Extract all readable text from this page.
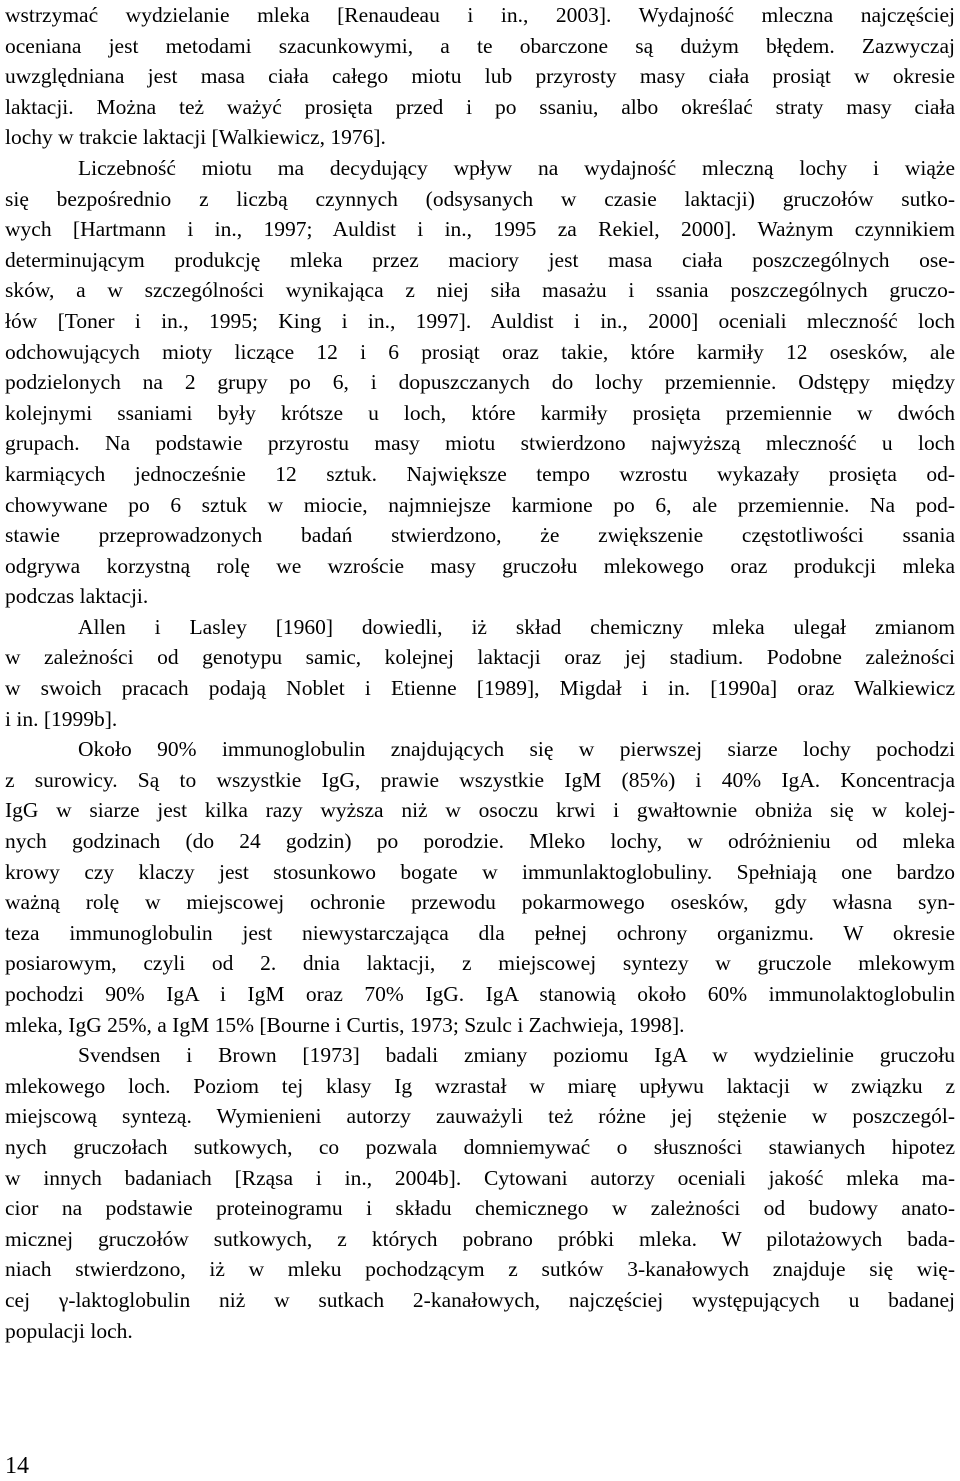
wstrzymać wydzielanie mleka [Renaudeau i in., 2003]. Wydajność mleczna najczęściej
oceniana jest metodami szacunkowymi, a te obarczone są dużym błędem. Zazwyczaj
uwzględniana jest masa ciała całego miotu lub przyrosty masy ciała prosiąt w okresie
laktacji. Można też ważyć prosięta przed i po ssaniu, albo określać straty masy ciała
lochy w trakcie laktacji [Walkiewicz, 1976].
Liczebność miotu ma decydujący wpływ na wydajność mleczną lochy i wiąże
się bezpośrednio z liczbą czynnych (odsysanych w czasie laktacji) gruczołów sutko-
wych [Hartmann i in., 1997; Auldist i in., 1995 za Rekiel, 2000]. Ważnym czynnikiem
determinującym produkcję mleka przez maciory jest masa ciała poszczególnych ose-
sków, a w szczególności wynikająca z niej siła masażu i ssania poszczególnych gruczo-
łów [Toner i in., 1995; King i in., 1997]. Auldist i in., 2000] oceniali mleczność loch
odchowujących mioty liczące 12 i 6 prosiąt oraz takie, które karmiły 12 osesków, ale
podzielonych na 2 grupy po 6, i dopuszczanych do lochy przemiennie. Odstępy między
kolejnymi ssaniami były krótsze u loch, które karmiły prosięta przemiennie w dwóch
grupach. Na podstawie przyrostu masy miotu stwierdzono najwyższą mleczność u loch
karmiących jednocześnie 12 sztuk. Największe tempo wzrostu wykazały prosięta od-
chowywane po 6 sztuk w miocie, najmniejsze karmione po 6, ale przemiennie. Na pod-
stawie przeprowadzonych badań stwierdzono, że zwiększenie częstotliwości ssania
odgrywa korzystną rolę we wzroście masy gruczołu mlekowego oraz produkcji mleka
podczas laktacji.
Allen i Lasley [1960] dowiedli, iż skład chemiczny mleka ulegał zmianom
w zależności od genotypu samic, kolejnej laktacji oraz jej stadium. Podobne zależności
w swoich pracach podają Noblet i Etienne [1989], Migdał i in. [1990a] oraz Walkiewicz
i in. [1999b].
Około 90% immunoglobulin znajdujących się w pierwszej siarze lochy pochodzi
z surowicy. Są to wszystkie IgG, prawie wszystkie IgM (85%) i 40% IgA. Koncentracja
IgG w siarze jest kilka razy wyższa niż w osoczu krwi i gwałtownie obniża się w kolej-
nych godzinach (do 24 godzin) po porodzie. Mleko lochy, w odróżnieniu od mleka
krowy czy klaczy jest stosunkowo bogate w immunlaktoglobuliny. Spełniają one bardzo
ważną rolę w miejscowej ochronie przewodu pokarmowego osesków, gdy własna syn-
teza immunoglobulin jest niewystarczająca dla pełnej ochrony organizmu. W okresie
posiarowym, czyli od 2. dnia laktacji, z miejscowej syntezy w gruczole mlekowym
pochodzi 90% IgA i IgM oraz 70% IgG. IgA stanowią około 60% immunolaktoglobulin
mleka, IgG 25%, a IgM 15% [Bourne i Curtis, 1973; Szulc i Zachwieja, 1998].
Svendsen i Brown [1973] badali zmiany poziomu IgA w wydzielinie gruczołu
mlekowego loch. Poziom tej klasy Ig wzrastał w miarę upływu laktacji w związku z
miejscową syntezą. Wymienieni autorzy zauważyli też różne jej stężenie w poszczegól-
nych gruczołach sutkowych, co pozwala domniemywać o słuszności stawianych hipotez
w innych badaniach [Rząsa i in., 2004b]. Cytowani autorzy oceniali jakość mleka ma-
cior na podstawie proteinogramu i składu chemicznego w zależności od budowy anato-
micznej gruczołów sutkowych, z których pobrano próbki mleka. W pilotażowych bada-
niach stwierdzono, iż w mleku pochodzącym z sutków 3-kanałowych znajduje się wię-
cej γ-laktoglobulin niż w sutkach 2-kanałowych, najczęściej występujących u badanej
populacji loch.
14
